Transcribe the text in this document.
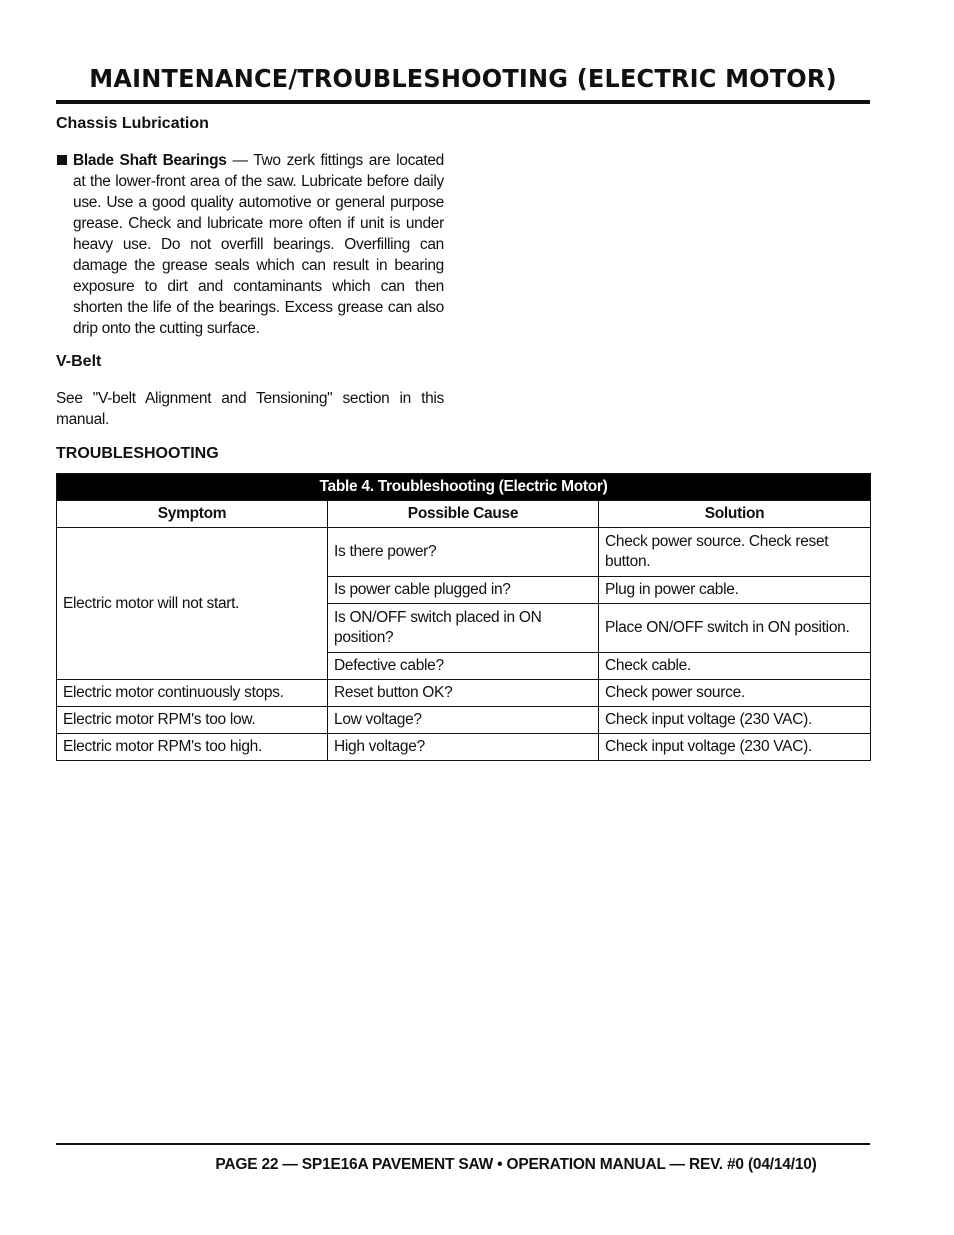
MAINTENANCE/TROUBLESHOOTING (ELECTRIC MOTOR)
Chassis Lubrication

Blade Shaft Bearings — Two zerk fittings are located at the lower-front area of the saw. Lubricate before daily use. Use a good quality automotive or general purpose grease. Check and lubricate more often if unit is under heavy use. Do not overfill bearings. Overfilling can damage the grease seals which can result in bearing exposure to dirt and contaminants which can then shorten the life of the bearings. Excess grease can also drip onto the cutting surface.

V-Belt

See "V-belt Alignment and Tensioning" section in this manual.

TROUBLESHOOTING
Table 4. Troubleshooting (Electric Motor)		
Symptom	Possible Cause	Solution
Electric motor will not start.	Is there power?	Check power source. Check reset button.
	Is power cable plugged in?	Plug in power cable.
	Is ON/OFF switch placed in ON position?	Place ON/OFF switch in ON position.
	Defective cable?	Check cable.
Electric motor continuously stops.	Reset button OK?	Check power source.
Electric motor RPM's too low.	Low voltage?	Check input voltage (230 VAC).
Electric motor RPM's too high.	High voltage?	Check input voltage (230 VAC).

PAGE 22 — SP1E16A PAVEMENT SAW • OPERATION MANUAL — REV. #0 (04/14/10)
